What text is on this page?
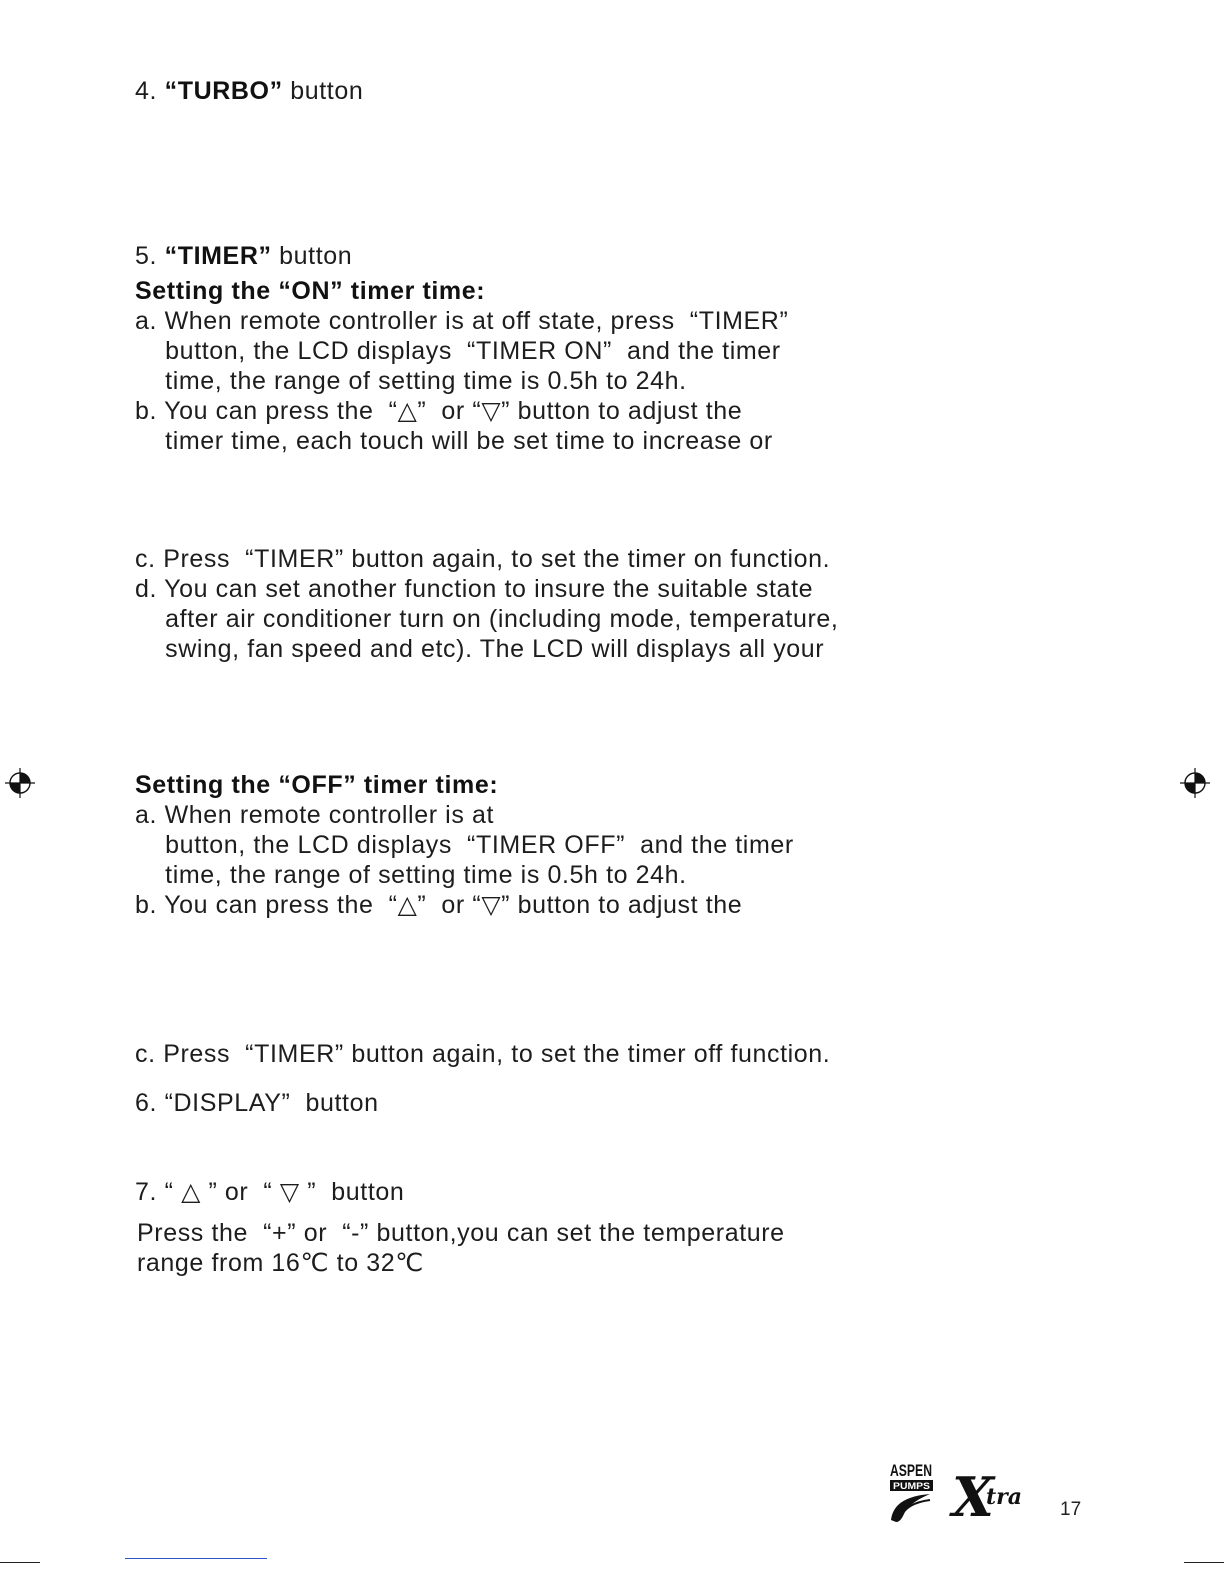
4. “TURBO” button
5. “TIMER” button
Setting the “ON” timer time:
a. When remote controller is at off state, press  “TIMER”
button, the LCD displays  “TIMER ON”  and the timer
time, the range of setting time is 0.5h to 24h.
b. You can press the  “△”  or “▽” button to adjust the
timer time, each touch will be set time to increase or
c. Press  “TIMER” button again, to set the timer on function.
d. You can set another function to insure the suitable state
after air conditioner turn on (including mode, temperature,
swing, fan speed and etc). The LCD will displays all your
Setting the “OFF” timer time:
a. When remote controller is at
button, the LCD displays  “TIMER OFF”  and the timer
time, the range of setting time is 0.5h to 24h.
b. You can press the  “△”  or “▽” button to adjust the
c. Press  “TIMER” button again, to set the timer off function.
6. “DISPLAY”  button
7. “ △ ” or  “ ▽ ”  button
Press the  “+” or  “-” button,you can set the temperature
range from 16℃ to 32℃
ASPEN
PUMPS X
tra 17
